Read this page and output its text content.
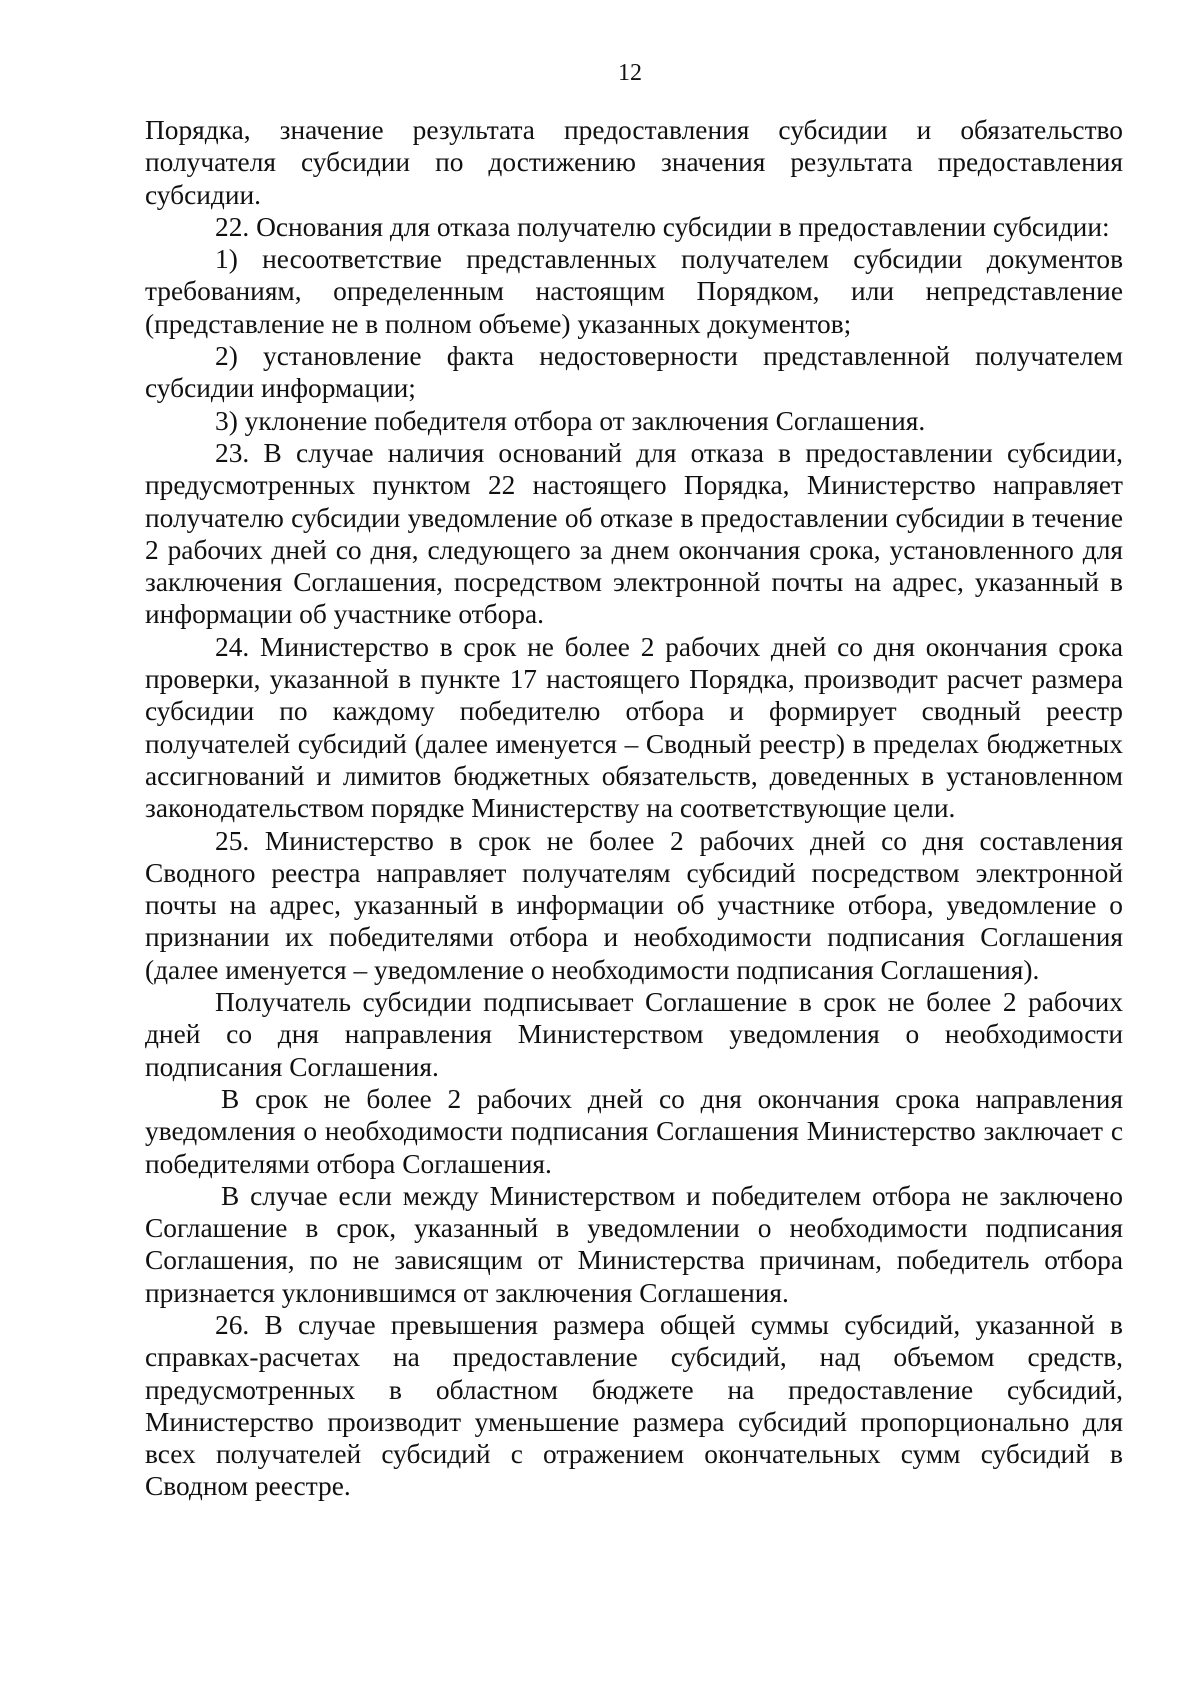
12

Порядка, значение результата предоставления субсидии и обязательство получателя субсидии по достижению значения результата предоставления субсидии.

22. Основания для отказа получателю субсидии в предоставлении субсидии:

1) несоответствие представленных получателем субсидии документов требованиям, определенным настоящим Порядком, или непредставление (представление не в полном объеме) указанных документов;

2) установление факта недостоверности представленной получателем субсидии информации;

3) уклонение победителя отбора от заключения Соглашения.

23. В случае наличия оснований для отказа в предоставлении субсидии, предусмотренных пунктом 22 настоящего Порядка, Министерство направляет получателю субсидии уведомление об отказе в предоставлении субсидии в течение 2 рабочих дней со дня, следующего за днем окончания срока, установленного для заключения Соглашения, посредством электронной почты на адрес, указанный в информации об участнике отбора.

24. Министерство в срок не более 2 рабочих дней со дня окончания срока проверки, указанной в пункте 17 настоящего Порядка, производит расчет размера субсидии по каждому победителю отбора и формирует сводный реестр получателей субсидий (далее именуется – Сводный реестр) в пределах бюджетных ассигнований и лимитов бюджетных обязательств, доведенных в установленном законодательством порядке Министерству на соответствующие цели.

25. Министерство в срок не более 2 рабочих дней со дня составления Сводного реестра направляет получателям субсидий посредством электронной почты на адрес, указанный в информации об участнике отбора, уведомление о признании их победителями отбора и необходимости подписания Соглашения (далее именуется – уведомление о необходимости подписания Соглашения).

Получатель субсидии подписывает Соглашение в срок не более 2 рабочих дней со дня направления Министерством уведомления о необходимости подписания Соглашения.

В срок не более 2 рабочих дней со дня окончания срока направления уведомления о необходимости подписания Соглашения Министерство заключает с победителями отбора Соглашения.

В случае если между Министерством и победителем отбора не заключено Соглашение в срок, указанный в уведомлении о необходимости подписания Соглашения, по не зависящим от Министерства причинам, победитель отбора признается уклонившимся от заключения Соглашения.

26. В случае превышения размера общей суммы субсидий, указанной в справках-расчетах на предоставление субсидий, над объемом средств, предусмотренных в областном бюджете на предоставление субсидий, Министерство производит уменьшение размера субсидий пропорционально для всех получателей субсидий с отражением окончательных сумм субсидий в Сводном реестре.
